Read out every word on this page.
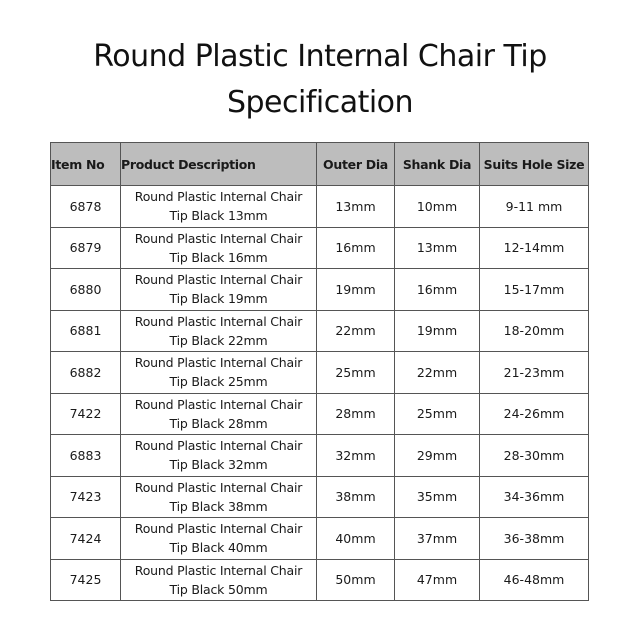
Round Plastic Internal Chair Tip
Specification
Item No	Product Description	Outer Dia	Shank Dia	Suits Hole Size
6878	Round Plastic Internal Chair
Tip Black 13mm	13mm	10mm	9-11 mm
6879	Round Plastic Internal Chair
Tip Black 16mm	16mm	13mm	12-14mm
6880	Round Plastic Internal Chair
Tip Black 19mm	19mm	16mm	15-17mm
6881	Round Plastic Internal Chair
Tip Black 22mm	22mm	19mm	18-20mm
6882	Round Plastic Internal Chair
Tip Black 25mm	25mm	22mm	21-23mm
7422	Round Plastic Internal Chair
Tip Black 28mm	28mm	25mm	24-26mm
6883	Round Plastic Internal Chair
Tip Black 32mm	32mm	29mm	28-30mm
7423	Round Plastic Internal Chair
Tip Black 38mm	38mm	35mm	34-36mm
7424	Round Plastic Internal Chair
Tip Black 40mm	40mm	37mm	36-38mm
7425	Round Plastic Internal Chair
Tip Black 50mm	50mm	47mm	46-48mm
